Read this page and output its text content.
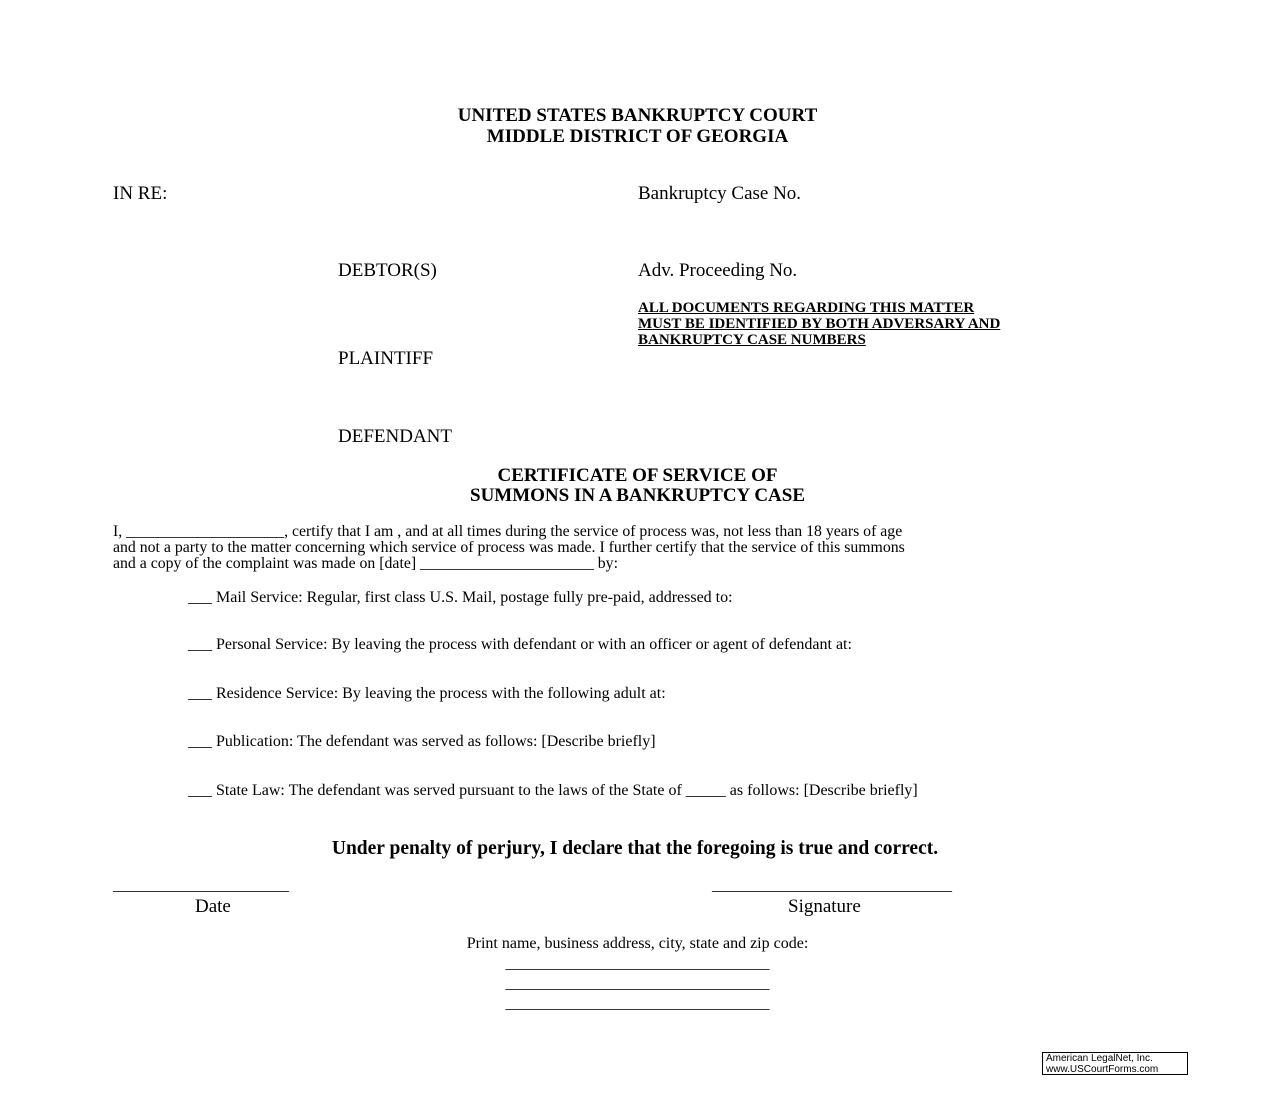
UNITED STATES BANKRUPTCY COURT
MIDDLE DISTRICT OF GEORGIA
IN RE:	Bankruptcy Case No.
DEBTOR(S)	Adv. Proceeding No.
ALL DOCUMENTS REGARDING THIS MATTER
MUST BE IDENTIFIED BY BOTH ADVERSARY AND
BANKRUPTCY CASE NUMBERS
PLAINTIFF
DEFENDANT
CERTIFICATE OF SERVICE OF
SUMMONS IN A BANKRUPTCY CASE
I, ____________________, certify that I am , and at all times during the service of process was, not less than 18 years of age
and not a party to the matter concerning which service of process was made. I further certify that the service of this summons
and a copy of the complaint was made on [date] ______________________ by:
___ Mail Service: Regular, first class U.S. Mail, postage fully pre-paid, addressed to:
___ Personal Service: By leaving the process with defendant or with an officer or agent of defendant at:
___ Residence Service: By leaving the process with the following adult at:
___ Publication: The defendant was served as follows: [Describe briefly]
___ State Law: The defendant was served pursuant to the laws of the State of _____ as follows: [Describe briefly]
Under penalty of perjury, I declare that the foregoing is true and correct.
______________________
Date
______________________________
Signature
Print name, business address, city, state and zip code:
_________________________________
_________________________________
_________________________________
American LegalNet, Inc.
www.USCourtForms.com
